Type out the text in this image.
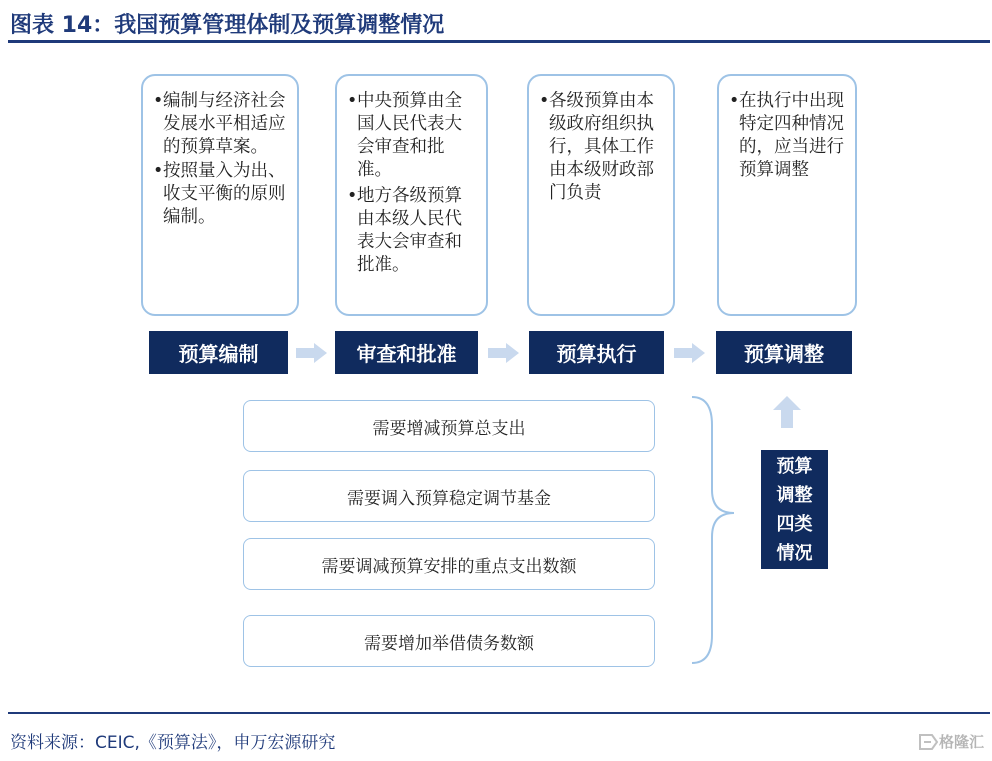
图表 14：我国预算管理体制及预算调整情况

• 编制与经济社会发展水平相适应的预算草案。

• 按照量入为出、收支平衡的原则编制。

• 中央预算由全国人民代表大会审查和批准。

• 地方各级预算由本级人民代表大会审查和批准。

• 各级预算由本级政府组织执行，具体工作由本级财政部门负责

• 在执行中出现特定四种情况的，应当进行预算调整

预算编制	审查和批准	预算执行	预算调整
需要增减预算总支出
需要调入预算稳定调节基金
需要调减预算安排的重点支出数额
需要增加举借债务数额
预算调整四类情况
资料来源：CEIC,《预算法》，申万宏源研究	格隆汇
